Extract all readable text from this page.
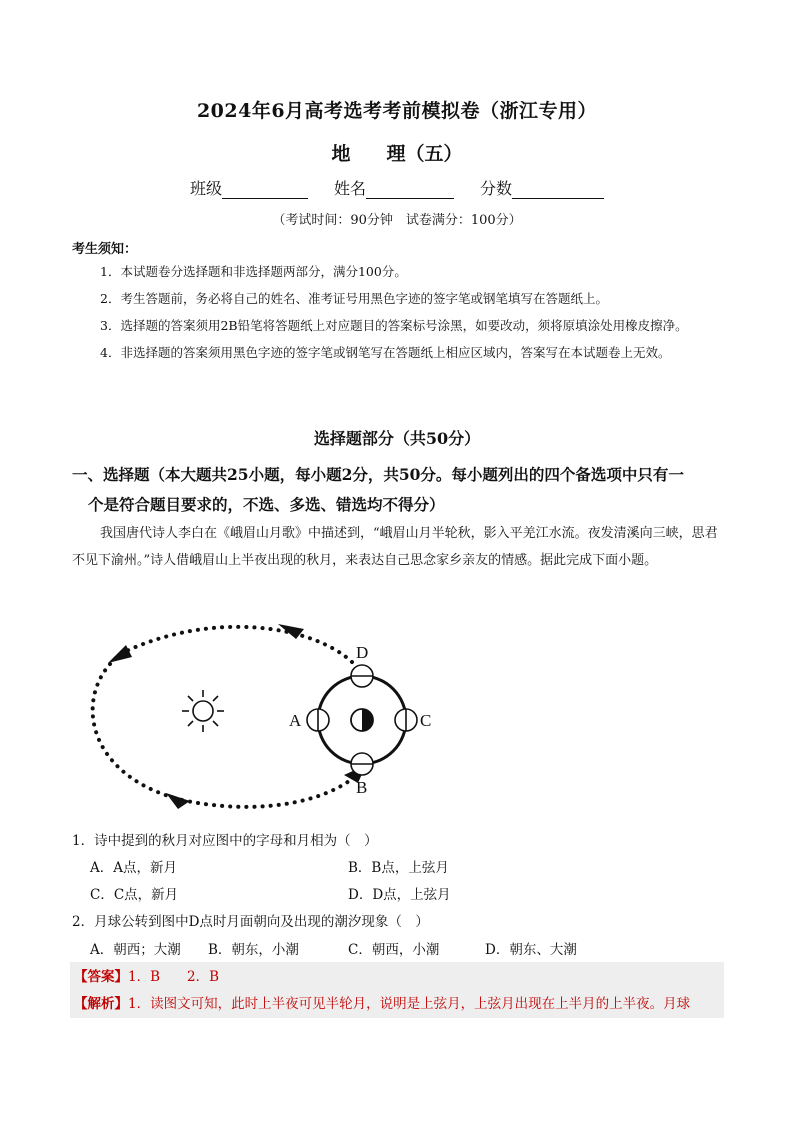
2024年6月高考选考考前模拟卷（浙江专用）
地 理（五）
班级	姓名	分数
（考试时间：90分钟　试卷满分：100分）
考生须知：

1．本试题卷分选择题和非选择题两部分，满分100分。

2．考生答题前，务必将自己的姓名、准考证号用黑色字迹的签字笔或钢笔填写在答题纸上。

3．选择题的答案须用2B铅笔将答题纸上对应题目的答案标号涂黑，如要改动，须将原填涂处用橡皮擦净。

4．非选择题的答案须用黑色字迹的签字笔或钢笔写在答题纸上相应区域内，答案写在本试题卷上无效。

选择题部分（共50分）
一、选择题（本大题共25小题，每小题2分，共50分。每小题列出的四个备选项中只有一
个是符合题目要求的，不选、多选、错选均不得分）

我国唐代诗人李白在《峨眉山月歌》中描述到，“峨眉山月半轮秋，影入平羌江水流。夜发清溪向三峡，思君不见下渝州。”诗人借峨眉山上半夜出现的秋月，来表达自己思念家乡亲友的情感。据此完成下面小题。

D
B
A	C
1．诗中提到的秋月对应图中的字母和月相为（　）
A．A点，新月	B．B点，上弦月
C．C点，新月	D．D点，上弦月
2．月球公转到图中D点时月面朝向及出现的潮汐现象（　）
A．朝西；大潮 B．朝东，小潮	C．朝西，小潮	D．朝东、大潮
【答案】1．B　　2．B
【解析】1．读图文可知，此时上半夜可见半轮月，说明是上弦月，上弦月出现在上半月的上半夜。月球
